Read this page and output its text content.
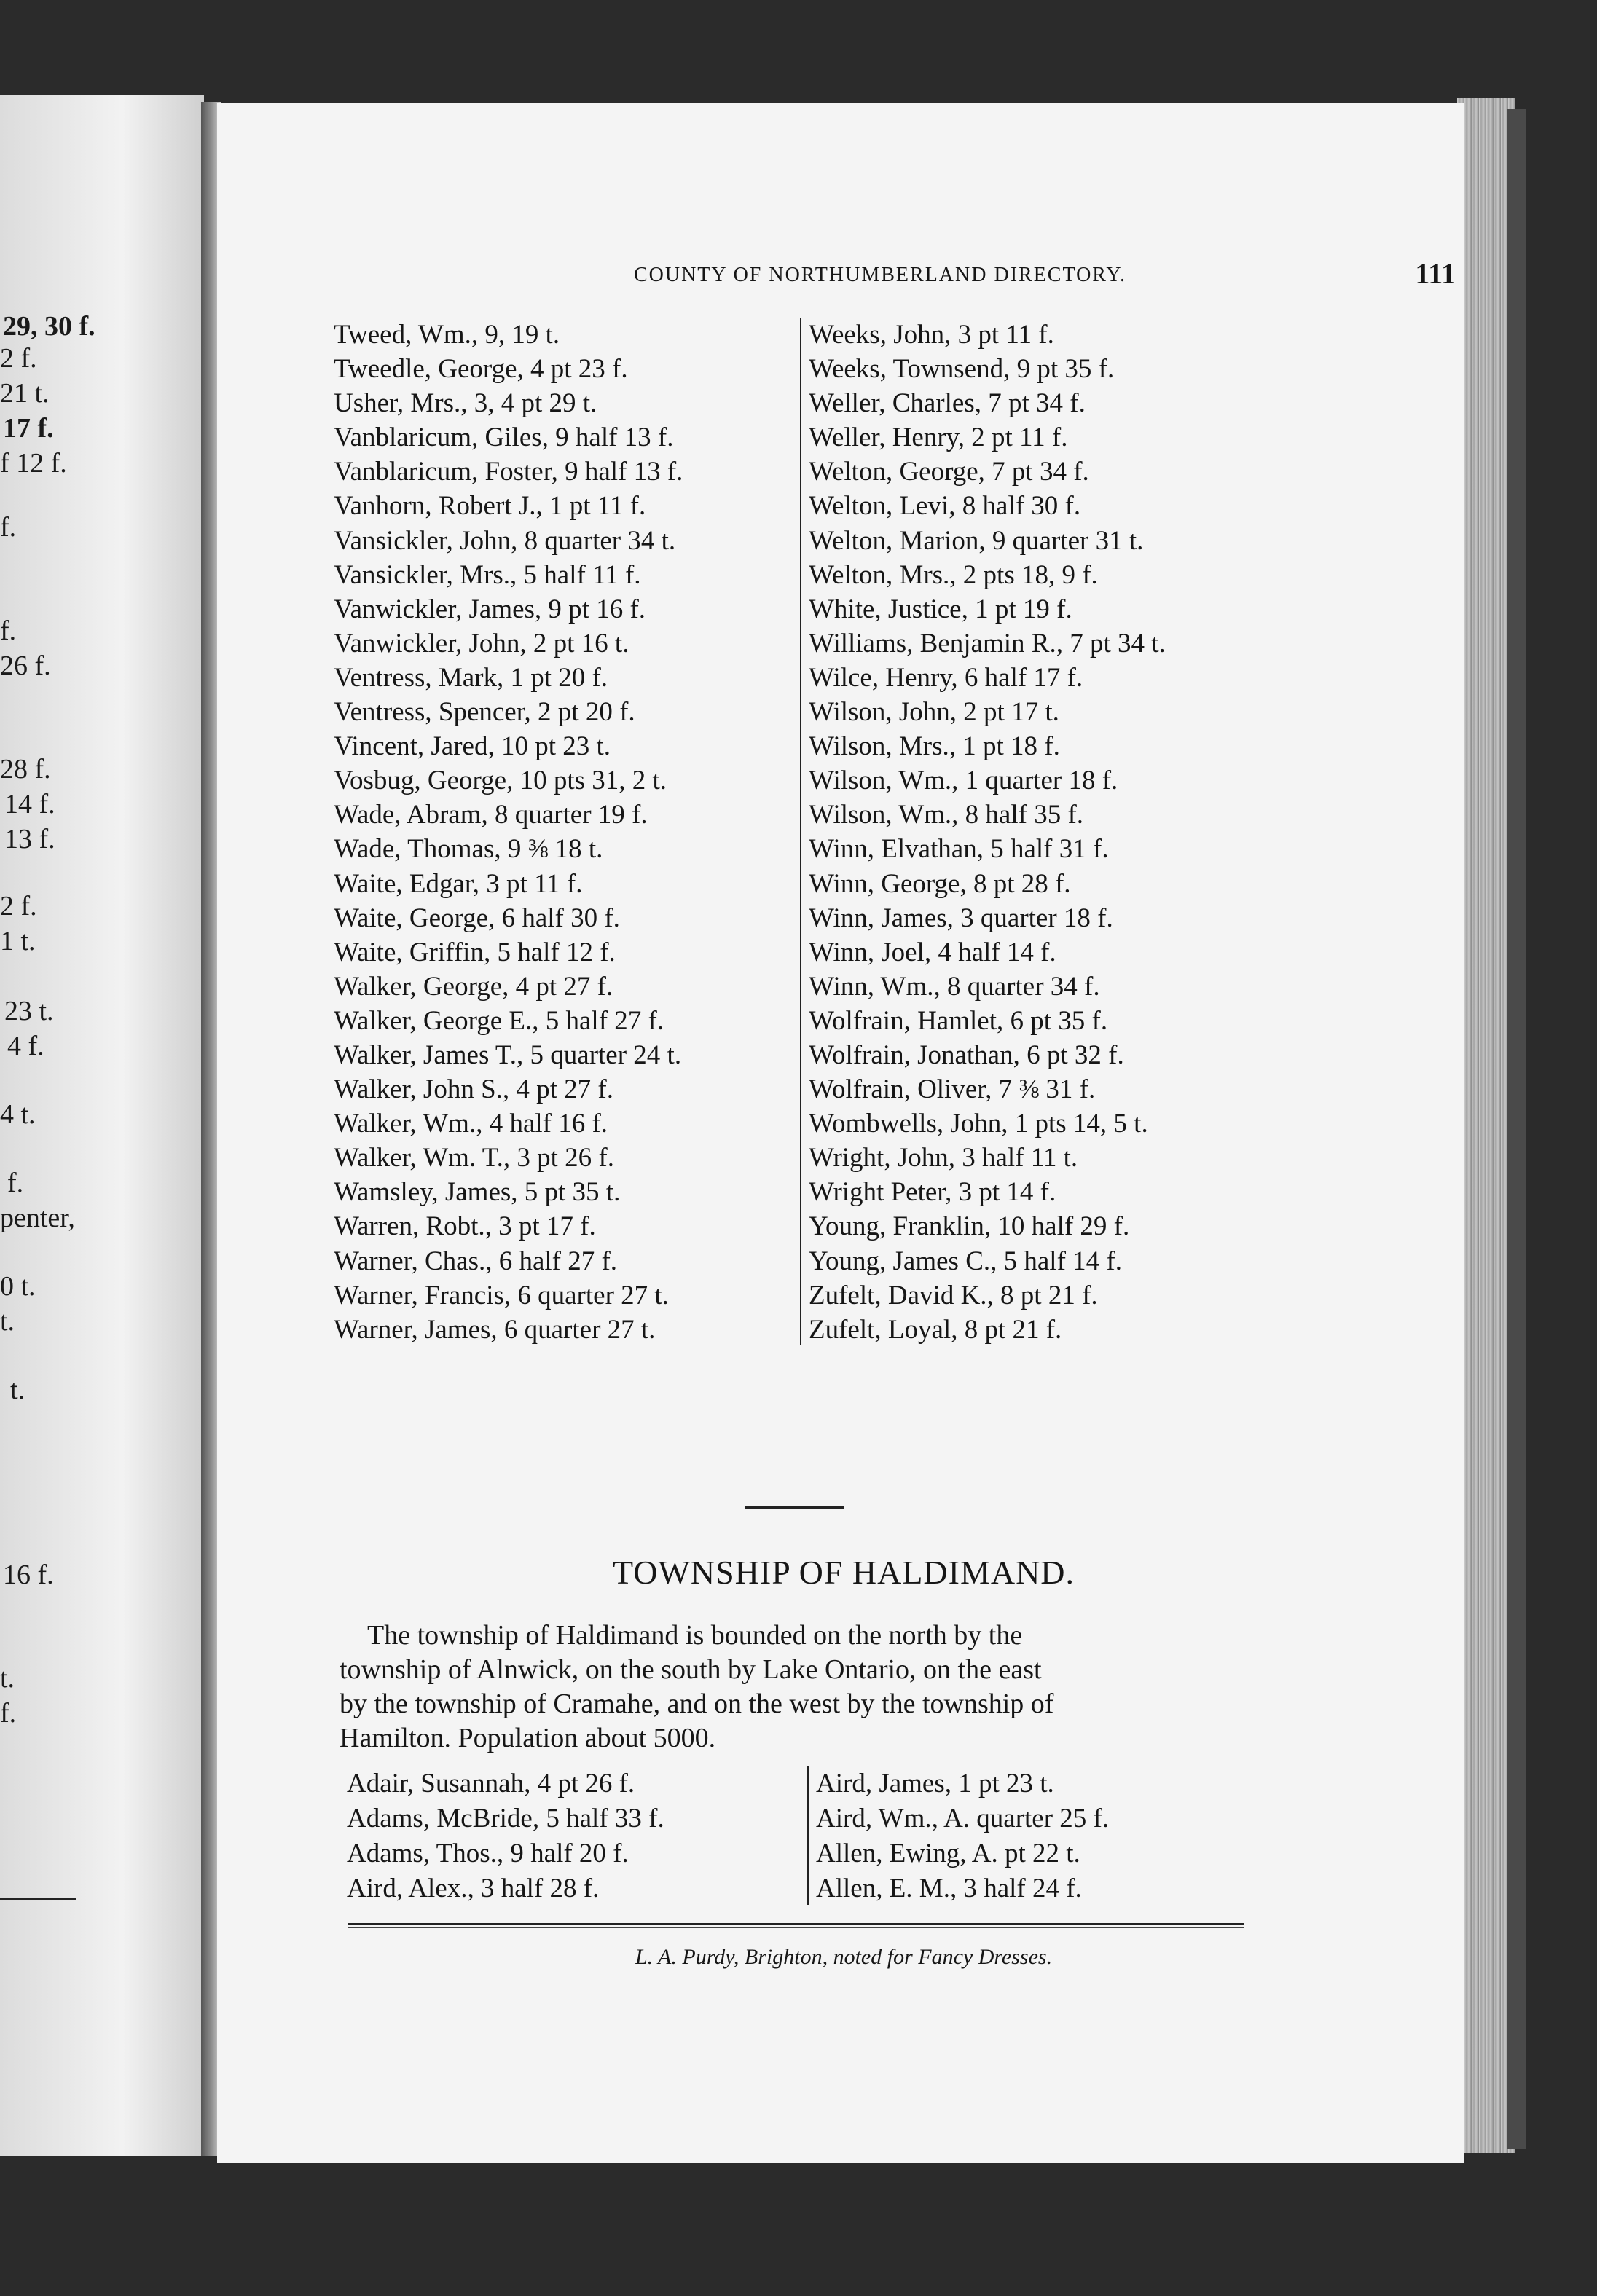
29, 30 f.
2 f.
21 t.
17 f.
f 12 f.
f.
f.
26 f.
28 f.
14 f.
13 f.
2 f.
1 t.
23 t.
4 f.
4 t.
f.
penter,
0 t.
t.
t.
16 f.
t.
f.
COUNTY OF NORTHUMBERLAND DIRECTORY.	111
Tweed, Wm., 9, 19 t.
Tweedle, George, 4 pt 23 f.
Usher, Mrs., 3, 4 pt 29 t.
Vanblaricum, Giles, 9 half 13 f.
Vanblaricum, Foster, 9 half 13 f.
Vanhorn, Robert J., 1 pt 11 f.
Vansickler, John, 8 quarter 34 t.
Vansickler, Mrs., 5 half 11 f.
Vanwickler, James, 9 pt 16 f.
Vanwickler, John, 2 pt 16 t.
Ventress, Mark, 1 pt 20 f.
Ventress, Spencer, 2 pt 20 f.
Vincent, Jared, 10 pt 23 t.
Vosbug, George, 10 pts 31, 2 t.
Wade, Abram, 8 quarter 19 f.
Wade, Thomas, 9 ⅜ 18 t.
Waite, Edgar, 3 pt 11 f.
Waite, George, 6 half 30 f.
Waite, Griffin, 5 half 12 f.
Walker, George, 4 pt 27 f.
Walker, George E., 5 half 27 f.
Walker, James T., 5 quarter 24 t.
Walker, John S., 4 pt 27 f.
Walker, Wm., 4 half 16 f.
Walker, Wm. T., 3 pt 26 f.
Wamsley, James, 5 pt 35 t.
Warren, Robt., 3 pt 17 f.
Warner, Chas., 6 half 27 f.
Warner, Francis, 6 quarter 27 t.
Warner, James, 6 quarter 27 t.
Weeks, John, 3 pt 11 f.
Weeks, Townsend, 9 pt 35 f.
Weller, Charles, 7 pt 34 f.
Weller, Henry, 2 pt 11 f.
Welton, George, 7 pt 34 f.
Welton, Levi, 8 half 30 f.
Welton, Marion, 9 quarter 31 t.
Welton, Mrs., 2 pts 18, 9 f.
White, Justice, 1 pt 19 f.
Williams, Benjamin R., 7 pt 34 t.
Wilce, Henry, 6 half 17 f.
Wilson, John, 2 pt 17 t.
Wilson, Mrs., 1 pt 18 f.
Wilson, Wm., 1 quarter 18 f.
Wilson, Wm., 8 half 35 f.
Winn, Elvathan, 5 half 31 f.
Winn, George, 8 pt 28 f.
Winn, James, 3 quarter 18 f.
Winn, Joel, 4 half 14 f.
Winn, Wm., 8 quarter 34 f.
Wolfrain, Hamlet, 6 pt 35 f.
Wolfrain, Jonathan, 6 pt 32 f.
Wolfrain, Oliver, 7 ⅜ 31 f.
Wombwells, John, 1 pts 14, 5 t.
Wright, John, 3 half 11 t.
Wright Peter, 3 pt 14 f.
Young, Franklin, 10 half 29 f.
Young, James C., 5 half 14 f.
Zufelt, David K., 8 pt 21 f.
Zufelt, Loyal, 8 pt 21 f.
TOWNSHIP OF HALDIMAND.
The township of Haldimand is bounded on the north by the
township of Alnwick, on the south by Lake Ontario, on the east
by the township of Cramahe, and on the west by the township of
Hamilton. Population about 5000.
Adair, Susannah, 4 pt 26 f.
Adams, McBride, 5 half 33 f.
Adams, Thos., 9 half 20 f.
Aird, Alex., 3 half 28 f.
Aird, James, 1 pt 23 t.
Aird, Wm., A. quarter 25 f.
Allen, Ewing, A. pt 22 t.
Allen, E. M., 3 half 24 f.
L. A. Purdy, Brighton, noted for Fancy Dresses.
